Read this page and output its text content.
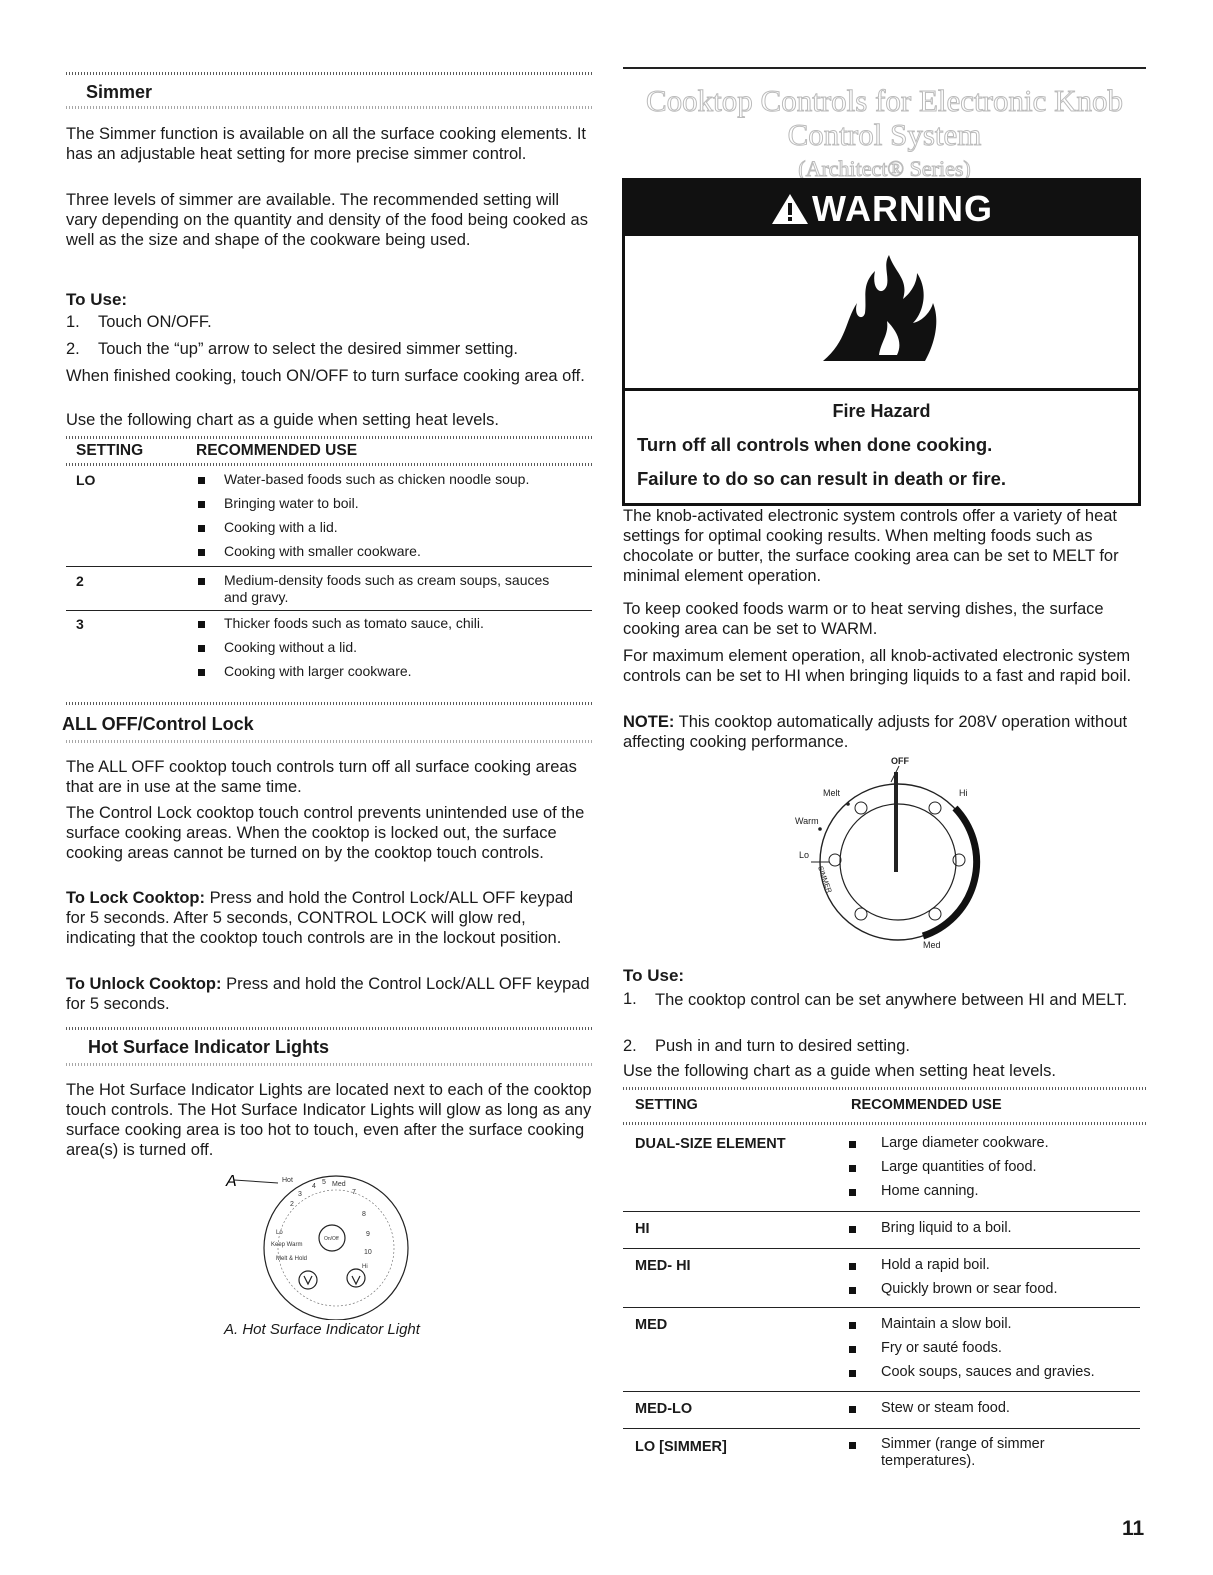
Simmer

The Simmer function is available on all the surface cooking elements. It has an adjustable heat setting for more precise simmer control.

Three levels of simmer are available. The recommended setting will vary depending on the quantity and density of the food being cooked as well as the size and shape of the cookware being used.

To Use:
1. Touch ON/OFF.
2. Touch the “up” arrow to select the desired simmer setting.

When finished cooking, touch ON/OFF to turn surface cooking area off.

Use the following chart as a guide when setting heat levels.

SETTING	RECOMMENDED USE
LO	Water-based foods such as chicken noodle soup.
Bringing water to boil.
Cooking with a lid.
Cooking with smaller cookware.
2	Medium-density foods such as cream soups, sauces and gravy.
3	Thicker foods such as tomato sauce, chili.
Cooking without a lid.
Cooking with larger cookware.
ALL OFF/Control Lock

The ALL OFF cooktop touch controls turn off all surface cooking areas that are in use at the same time.

The Control Lock cooktop touch control prevents unintended use of the surface cooking areas. When the cooktop is locked out, the surface cooking areas cannot be turned on by the cooktop touch controls.

To Lock Cooktop: Press and hold the Control Lock/ALL OFF keypad for 5 seconds. After 5 seconds, CONTROL LOCK will glow red, indicating that the cooktop touch controls are in the lockout position.

To Unlock Cooktop: Press and hold the Control Lock/ALL OFF keypad for 5 seconds.

Hot Surface Indicator Lights

The Hot Surface Indicator Lights are located next to each of the cooktop touch controls. The Hot Surface Indicator Lights will glow as long as any surface cooking area is too hot to touch, even after the surface cooking area(s) is turned off.

A	Hot
4
5 Med
3
2
7
8
9
10
Lo
Keep Warm
Melt & Hold
On/Off
Hi
A. Hot Surface Indicator Light
Cooktop Controls for Electronic Knob
Control System
(Architect® Series)
WARNING
Fire Hazard
Turn off all controls when done cooking.
Failure to do so can result in death or fire.

The knob-activated electronic system controls offer a variety of heat settings for optimal cooking results. When melting foods such as chocolate or butter, the surface cooking area can be set to MELT for minimal element operation.

To keep cooked foods warm or to heat serving dishes, the surface cooking area can be set to WARM.

For maximum element operation, all knob-activated electronic system controls can be set to HI when bringing liquids to a fast and rapid boil.

NOTE: This cooktop automatically adjusts for 208V operation without affecting cooking performance.

OFF
Melt
Warm
Lo
SIMMER
Hi
Med
To Use:
1. The cooktop control can be set anywhere between HI and MELT.
2. Push in and turn to desired setting.

Use the following chart as a guide when setting heat levels.

SETTING	RECOMMENDED USE
DUAL-SIZE ELEMENT	Large diameter cookware.
Large quantities of food.
Home canning.
HI	Bring liquid to a boil.
MED- HI	Hold a rapid boil.
Quickly brown or sear food.
MED	Maintain a slow boil.
Fry or sauté foods.
Cook soups, sauces and gravies.
MED-LO	Stew or steam food.
LO [SIMMER]	Simmer (range of simmer temperatures).
11
